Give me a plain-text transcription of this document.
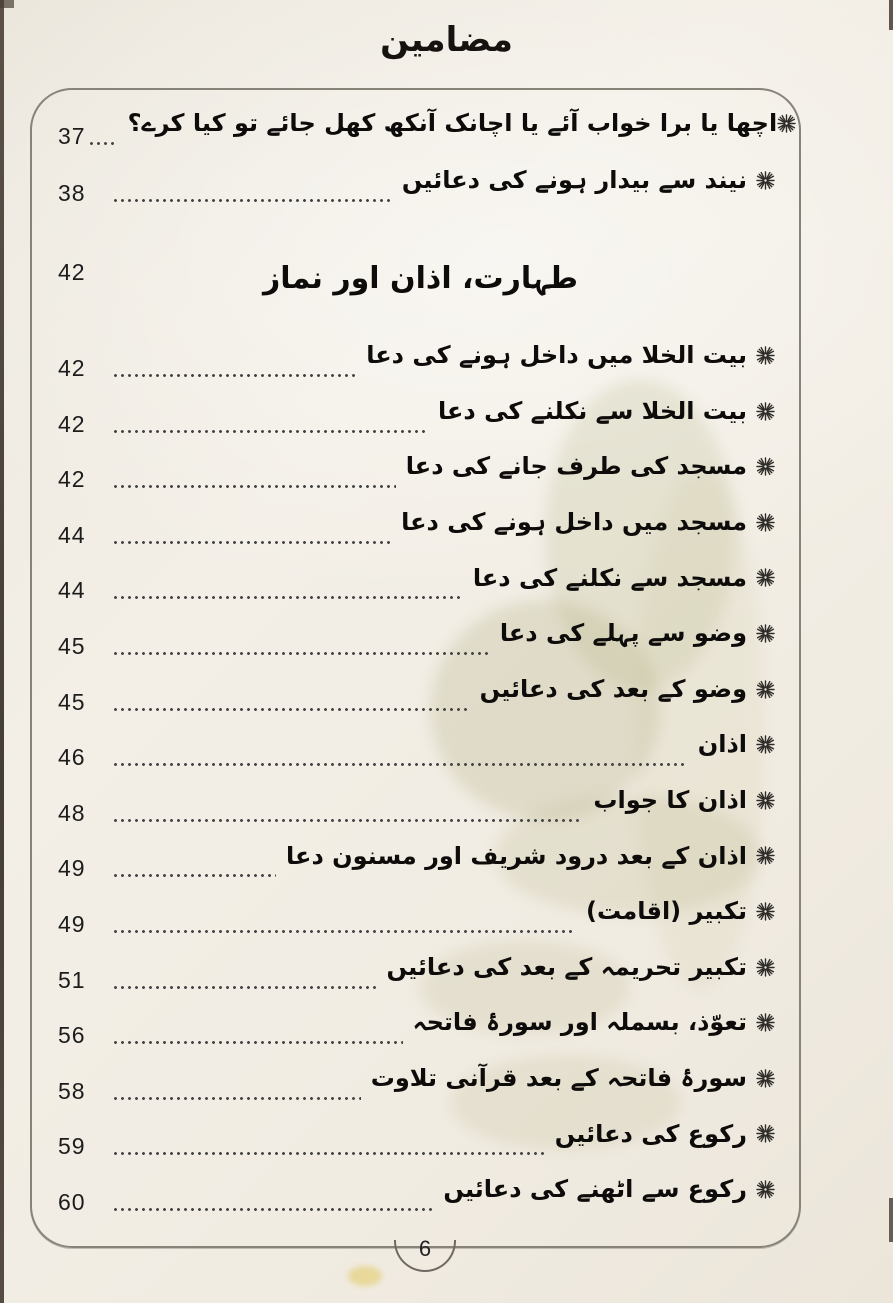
مضامین
37 اچھا یا برا خواب آئے یا اچانک آنکھ کھل جائے تو کیا کرے؟
38	نیند سے بیدار ہونے کی دعائیں
42	طہارت، اذان اور نماز
42	بیت الخلا میں داخل ہونے کی دعا
42	بیت الخلا سے نکلنے کی دعا
42	مسجد کی طرف جانے کی دعا
44	مسجد میں داخل ہونے کی دعا
44	مسجد سے نکلنے کی دعا
45	وضو سے پہلے کی دعا
45	وضو کے بعد کی دعائیں
46	اذان
48	اذان کا جواب
49	اذان کے بعد درود شریف اور مسنون دعا
49	تکبیر (اقامت)
51	تکبیر تحریمہ کے بعد کی دعائیں
56	تعوّذ، بسملہ اور سورۂ فاتحہ
58	سورۂ فاتحہ کے بعد قرآنی تلاوت
59	رکوع کی دعائیں
60	رکوع سے اٹھنے کی دعائیں
6
